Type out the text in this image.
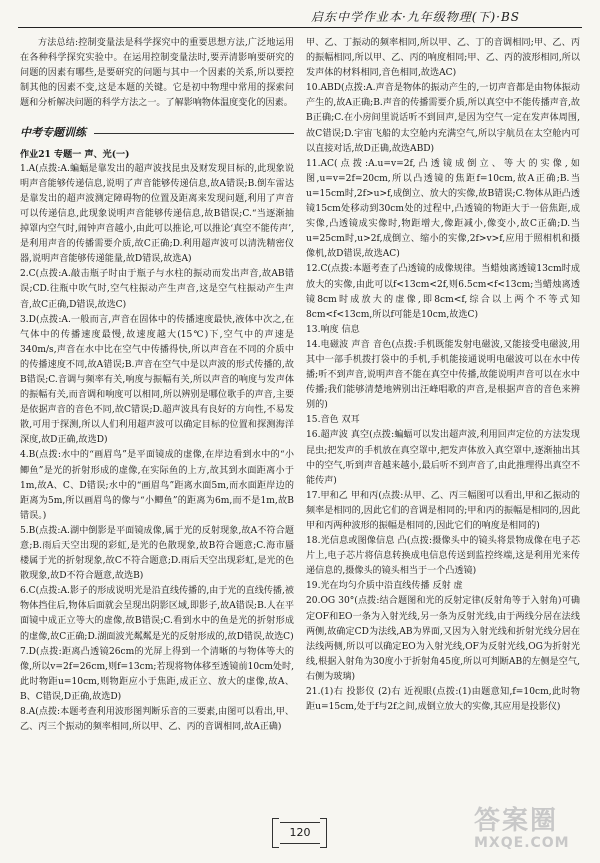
启东中学作业本·九年级物理(下)·BS

方法总结:控制变量法是科学探究中的重要思想方法,广泛地运用在各种科学探究实验中。在运用控制变量法时,要弄清影响要研究的问题的因素有哪些,是要研究的问题与其中一个因素的关系,所以要控制其他的因素不变,这是本题的关键。它是初中物理中常用的探索问题和分析解决问题的科学方法之一。了解影响物体温度变化的因素。

中考专题训练

作业21 专题一 声、光(一)

1.A(点拨:A.蝙蝠是靠发出的超声波找昆虫及财发现目标的,此现象说明声音能够传递信息,说明了声音能够传递信息,故A错误;B.倒车雷达是靠发出的超声波测定障碍物的位置及距离来发现问题,利用了声音可以传递信息,此现象说明声音能够传递信息,故B错误;C.“当逐渐抽掉罩内空气时,闹钟声音越小,由此可以推论,可以推论‘真空不能传声’,是利用声音的传播需要介质,故C正确;D.利用超声波可以清洗精密仪器,说明声音能够传递能量,故D错误,故选A)

2.C(点拨:A.敲击瓶子时由于瓶子与水柱的振动而发出声音,故AB错误;CD.往瓶中吹气时,空气柱振动产生声音,这是空气柱振动产生声音,故C正确,D错误,故选C)

3.D(点拨:A.一般而言,声音在固体中的传播速度最快,液体中次之,在气体中的传播速度最慢,故速度越大(15℃)下,空气中的声速是340m/s,声音在水中比在空气中传播得快,所以声音在不同的介质中的传播速度不同,故A错误;B.声音在空气中是以声波的形式传播的,故B错误;C.音调与频率有关,响度与振幅有关,所以声音的响度与发声体的振幅有关,而音调和响度可以相同,所以辨别是哪位歌手的声音,主要是依据声音的音色不同,故C错误;D.超声波具有良好的方向性,不易发散,可用于探测,所以人们利用超声波可以确定目标的位置和探测海洋深度,故D正确,故选D)

4.B(点拨:水中的“画眉鸟”是平面镜成的虚像,在岸边看到水中的“小鲫鱼”是光的折射形成的虚像,在实际鱼的上方,故其到水面距离小于1m,故A、C、D错误;水中的“画眉鸟”距离水面5m,而水面距岸边的距离为5m,所以画眉鸟的像与“小鲫鱼”的距离为6m,而不是1m,故B错误。)

5.B(点拨:A.湖中倒影是平面镜成像,属于光的反射现象,故A不符合题意;B.雨后天空出现的彩虹,是光的色散现象,故B符合题意;C.海市蜃楼属于光的折射现象,故C不符合题意;D.雨后天空出现彩虹,是光的色散现象,故D不符合题意,故选B)

6.C(点拨:A.影子的形成说明光是沿直线传播的,由于光的直线传播,被物体挡住后,物体后面就会呈现出阴影区域,即影子,故A错误;B.人在平面镜中成正立等大的虚像,故B错误;C.看到水中的鱼是光的折射形成的虚像,故C正确;D.湖面波光粼粼是光的反射形成的,故D错误,故选C)

7.D(点拨:距离凸透镜26cm的光屏上得到一个清晰的与物体等大的像,所以v=2f=26cm,则f=13cm;若现将物体移至透镜前10cm处时,此时物距u=10cm,则物距应小于焦距,成正立、放大的虚像,故A、B、C错误,D正确,故选D)

8.A(点拨:本题考查利用波形图判断乐音的三要素,由图可以看出,甲、乙、丙三个振动的频率相同,所以甲、乙、丙的音调相同,故A正确)

甲、乙、丁振动的频率相同,所以甲、乙、丁的音调相同;甲、乙、丙的振幅相同,所以甲、乙、丙的响度相同;甲、乙、丙的波形相同,所以发声体的材料相同,音色相同,故选AC)

10.ABD(点拨:A.声音是物体的振动产生的,一切声音都是由物体振动产生的,故A正确;B.声音的传播需要介质,所以真空中不能传播声音,故B正确;C.在小房间里说话听不到回声,是因为空气一定在发声体周围,故C错误;D.宇宙飞船的太空舱内充满空气,所以宇航员在太空舱内可以直接对话,故D正确,故选ABD)

11.AC(点拨:A.u=v=2f,凸透镜成倒立、等大的实像,如图,u=v=2f=20cm,所以凸透镜的焦距f=10cm,故A正确;B.当u=15cm时,2f>u>f,成倒立、放大的实像,故B错误;C.物体从距凸透镜15cm处移动到30cm处的过程中,凸透镜的物距大于一倍焦距,成实像,凸透镜成实像时,物距增大,像距减小,像变小,故C正确;D.当u=25cm时,u>2f,成倒立、缩小的实像,2f>v>f,应用于照相机和摄像机,故D错误,故选AC)

12.C(点拨:本题考查了凸透镜的成像规律。当蜡烛离透镜13cm时成放大的实像,由此可以f<13cm<2f,则6.5cm<f<13cm;当蜡烛离透镜8cm时成放大的虚像,即8cm<f,综合以上两个不等式知8cm<f<13cm,所以f可能是10cm,故选C)

13.响度 信息

14.电磁波 声音 音色(点拨:手机既能发射电磁波,又能接受电磁波,用其中一部手机拨打袋中的手机,手机能接通说明电磁波可以在水中传播;听不到声音,说明声音不能在真空中传播,故能说明声音可以在水中传播;我们能够清楚地辨别出汪峰唱歌的声音,是根据声音的音色来辨别的)

15.音色 双耳

16.超声波 真空(点拨:蝙蝠可以发出超声波,利用回声定位的方法发现昆虫;把发声的手机放在真空罩中,把发声体放入真空罩中,逐渐抽出其中的空气,听到声音越来越小,最后听不到声音了,由此推理得出真空不能传声)

17.甲和乙 甲和丙(点拨:从甲、乙、丙三幅图可以看出,甲和乙振动的频率是相同的,因此它们的音调是相同的;甲和丙的振幅是相同的,因此甲和丙两种波形的振幅是相同的,因此它们的响度是相同的)

18.光信息或图像信息 凸(点拨:摄像头中的镜头将景物成像在电子芯片上,电子芯片将信息转换成电信息传送到监控终端,这是利用光来传递信息的,摄像头的镜头相当于一个凸透镜)

19.光在均匀介质中沿直线传播 反射 虚

20.OG 30°(点拨:结合题图和光的反射定律(反射角等于入射角)可确定OF和EO一条为入射光线,另一条为反射光线,由于两线分居在法线两侧,故确定CD为法线,AB为界面,又因为入射光线和折射光线分居在法线两侧,所以可以确定EO为入射光线,OF为反射光线,OG为折射光线,根据入射角为30度小于折射角45度,所以可判断AB的左侧是空气,右侧为玻璃)

21.(1)右 投影仪 (2)右 近视眼(点拨:(1)由题意知,f=10cm,此时物距u=15cm,处于f与2f之间,成倒立放大的实像,其应用是投影仪)

120	答案圈
MXQE.COM
